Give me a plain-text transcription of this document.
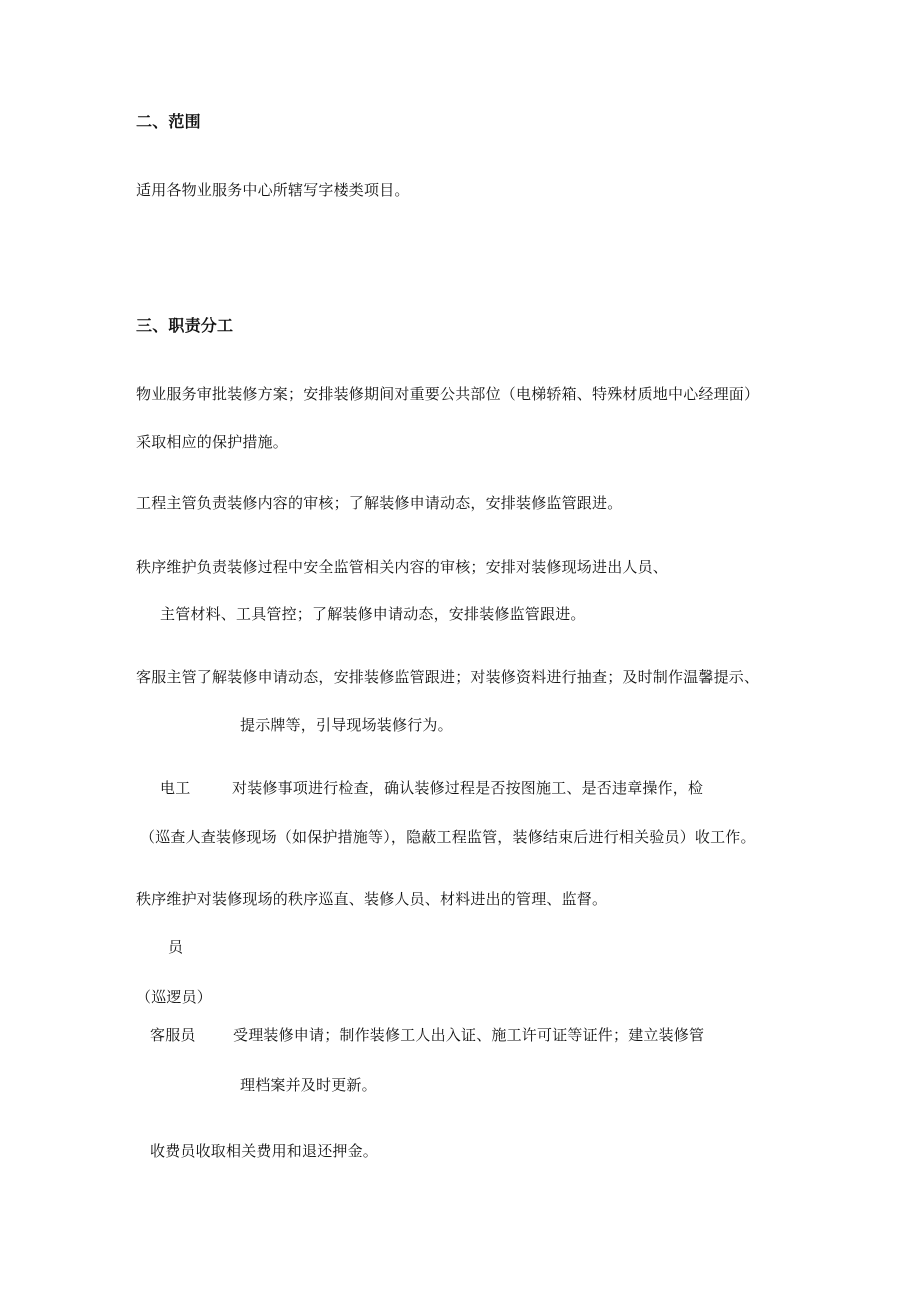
二、范围
适用各物业服务中心所辖写字楼类项目。
三、职责分工
物业服务审批装修方案；安排装修期间对重要公共部位（电梯轿箱、特殊材质地中心经理面）
采取相应的保护措施。
工程主管负责装修内容的审核；了解装修申请动态，安排装修监管跟进。
秩序维护负责装修过程中安全监管相关内容的审核；安排对装修现场进出人员、
主管材料、工具管控；了解装修申请动态，安排装修监管跟进。
客服主管了解装修申请动态，安排装修监管跟进；对装修资料进行抽查；及时制作温馨提示、
提示牌等，引导现场装修行为。
电工	对装修事项进行检查，确认装修过程是否按图施工、是否违章操作，检
（巡查人查装修现场（如保护措施等），隐蔽工程监管，装修结束后进行相关验员）收工作。
秩序维护对装修现场的秩序巡直、装修人员、材料进出的管理、监督。
员
（巡逻员）
客服员 受理装修申请；制作装修工人出入证、施工许可证等证件；建立装修管
理档案并及时更新。
收费员收取相关费用和退还押金。
